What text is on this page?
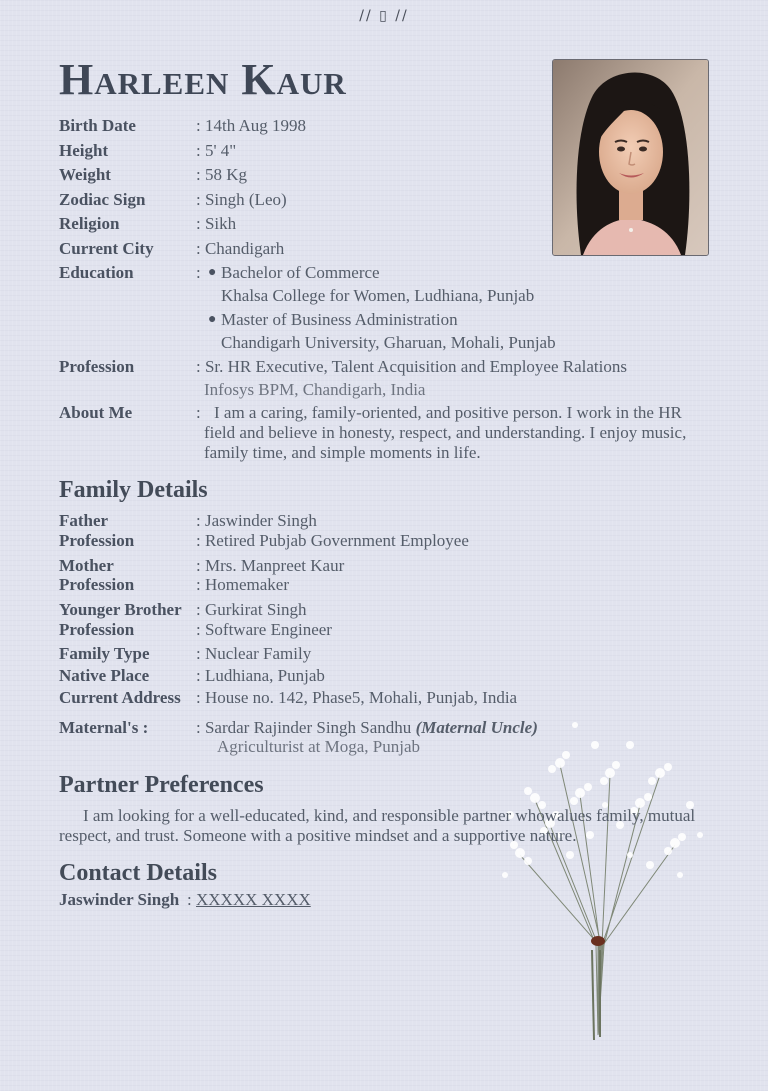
// ▯ //
Harleen Kaur
Birth Date	: 14th Aug 1998
Height	: 5' 4"
Weight	: 58 Kg
Zodiac Sign	: Singh (Leo)
Religion	: Sikh
Current City : Chandigarh
Education	: ● Bachelor of Commerce
Khalsa College for Women, Ludhiana, Punjab
● Master of Business Administration
Chandigarh University, Gharuan, Mohali, Punjab
Profession	: Sr. HR Executive, Talent Acquisition and Employee Ralations
Infosys BPM, Chandigarh, India
About Me	: I am a caring, family-oriented, and positive person. I work in the HR field and believe in honesty, respect, and understanding. I enjoy music, family time, and simple moments in life.
Family Details
Father	: Jaswinder Singh
Profession	: Retired Pubjab Government Employee
Mother	: Mrs. Manpreet Kaur
Profession	: Homemaker
Younger Brother : Gurkirat Singh
Profession	: Software Engineer
Family Type	: Nuclear Family
Native Place	: Ludhiana, Punjab
Current Address : House no. 142, Phase5, Mohali, Punjab, India
Maternal's :	: Sardar Rajinder Singh Sandhu (Maternal Uncle)
Agriculturist at Moga, Punjab
Partner Preferences
I am looking for a well-educated, kind, and responsible partner whowalues family, mutual respect, and trust. Someone with a positive mindset and a supportive nature.
Contact Details
Jaswinder Singh : XXXXX XXXX
